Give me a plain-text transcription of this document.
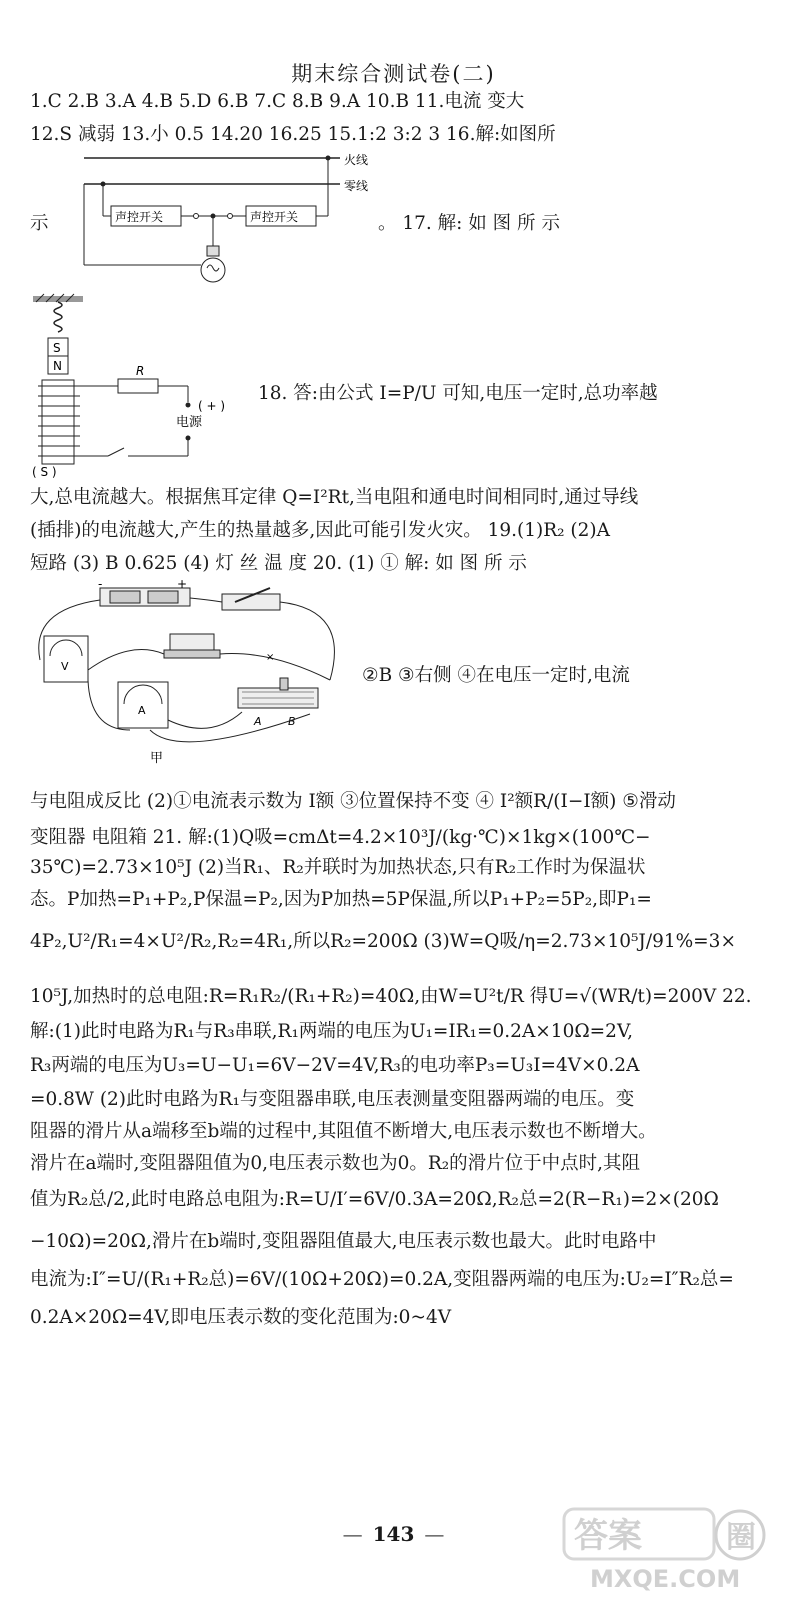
期末综合测试卷(二)
1.C 2.B 3.A 4.B 5.D 6.B 7.C 8.B 9.A 10.B 11.电流 变大
12.S 减弱 13.小 0.5 14.20 16.25 15.1:2 3:2 3 16.解:如图所
火线
零线
声控开关	声控开关
示	。 17. 解: 如 图 所 示
S
N	R
( + )
电源
( S )
18. 答:由公式 I=P/U 可知,电压一定时,总功率越
大,总电流越大。根据焦耳定律 Q=I²Rt,当电阻和通电时间相同时,通过导线
(插排)的电流越大,产生的热量越多,因此可能引发火灾。 19.(1)R₂ (2)A
短路 (3) B 0.625 (4) 灯 丝 温 度 20. (1) ① 解: 如 图 所 示
-	+
V
×
A
A B
甲
②B ③右侧 ④在电压一定时,电流
与电阻成反比 (2)①电流表示数为 I额 ③位置保持不变 ④ I²额R/(I−I额) ⑤滑动
变阻器 电阻箱 21. 解:(1)Q吸=cmΔt=4.2×10³J/(kg·℃)×1kg×(100℃−
35℃)=2.73×10⁵J (2)当R₁、R₂并联时为加热状态,只有R₂工作时为保温状
态。P加热=P₁+P₂,P保温=P₂,因为P加热=5P保温,所以P₁+P₂=5P₂,即P₁=
4P₂,U²/R₁=4×U²/R₂,R₂=4R₁,所以R₂=200Ω (3)W=Q吸/η=2.73×10⁵J/91%=3×
10⁵J,加热时的总电阻:R=R₁R₂/(R₁+R₂)=40Ω,由W=U²t/R 得U=√(WR/t)=200V 22.
解:(1)此时电路为R₁与R₃串联,R₁两端的电压为U₁=IR₁=0.2A×10Ω=2V,
R₃两端的电压为U₃=U−U₁=6V−2V=4V,R₃的电功率P₃=U₃I=4V×0.2A
=0.8W (2)此时电路为R₁与变阻器串联,电压表测量变阻器两端的电压。变
阻器的滑片从a端移至b端的过程中,其阻值不断增大,电压表示数也不断增大。
滑片在a端时,变阻器阻值为0,电压表示数也为0。R₂的滑片位于中点时,其阻
值为R₂总/2,此时电路总电阻为:R=U/I′=6V/0.3A=20Ω,R₂总=2(R−R₁)=2×(20Ω
−10Ω)=20Ω,滑片在b端时,变阻器阻值最大,电压表示数也最大。此时电路中
电流为:I″=U/(R₁+R₂总)=6V/(10Ω+20Ω)=0.2A,变阻器两端的电压为:U₂=I″R₂总=
0.2A×20Ω=4V,即电压表示数的变化范围为:0~4V
— 143 —	答案	圈
MXQE.COM
